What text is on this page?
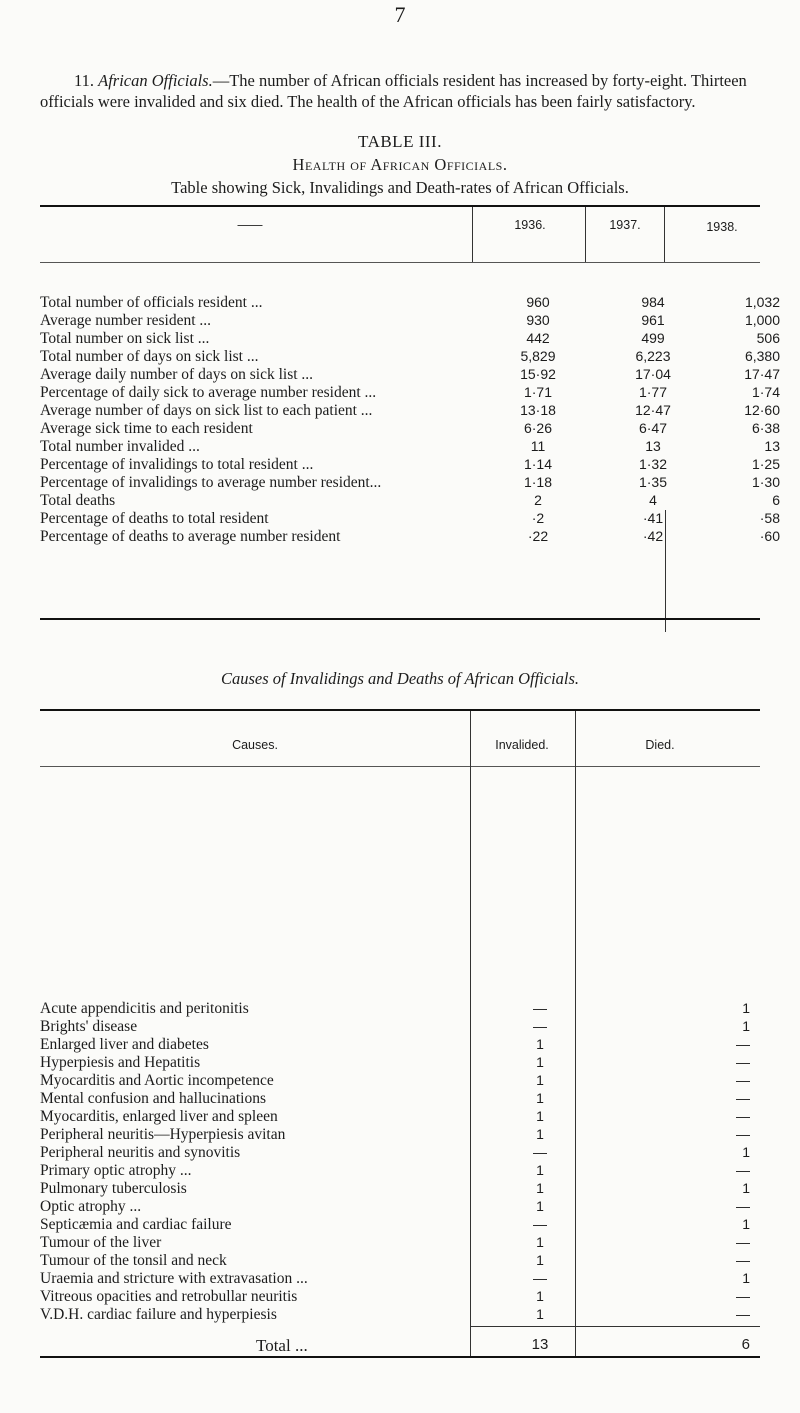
7
11. African Officials.—The number of African officials resident has increased by forty-eight. Thirteen officials were invalided and six died. The health of the African officials has been fairly satisfactory.
TABLE III.
Health of African Officials.
Table showing Sick, Invalidings and Death-rates of African Officials.
——	1936.	1937.	1938.
Total number of officials resident ...	960	984	1,032
Average number resident ...	930	961	1,000
Total number on sick list ...	442	499	506
Total number of days on sick list ...	5,829	6,223	6,380
Average daily number of days on sick list ...	15·92	17·04	17·47
Percentage of daily sick to average number resident ...	1·71	1·77	1·74
Average number of days on sick list to each patient ...	13·18	12·47	12·60
Average sick time to each resident	6·26	6·47	6·38
Total number invalided ...	11	13	13
Percentage of invalidings to total resident ...	1·14	1·32	1·25
Percentage of invalidings to average number resident...	1·18	1·35	1·30
Total deaths	2	4	6
Percentage of deaths to total resident	·2	·41	·58
Percentage of deaths to average number resident	·22	·42	·60
Causes of Invalidings and Deaths of African Officials.
Causes.	Invalided.	Died.
Acute appendicitis and peritonitis	—	1
Brights' disease	—	1
Enlarged liver and diabetes	1	—
Hyperpiesis and Hepatitis	1	—
Myocarditis and Aortic incompetence	1	—
Mental confusion and hallucinations	1	—
Myocarditis, enlarged liver and spleen	1	—
Peripheral neuritis—Hyperpiesis avitan	1	—
Peripheral neuritis and synovitis	—	1
Primary optic atrophy ...	1	—
Pulmonary tuberculosis	1	1
Optic atrophy ...	1	—
Septicæmia and cardiac failure	—	1
Tumour of the liver	1	—
Tumour of the tonsil and neck	1	—
Uraemia and stricture with extravasation ...	—	1
Vitreous opacities and retrobullar neuritis	1	—
V.D.H. cardiac failure and hyperpiesis	1	—
Total ...	13	6
